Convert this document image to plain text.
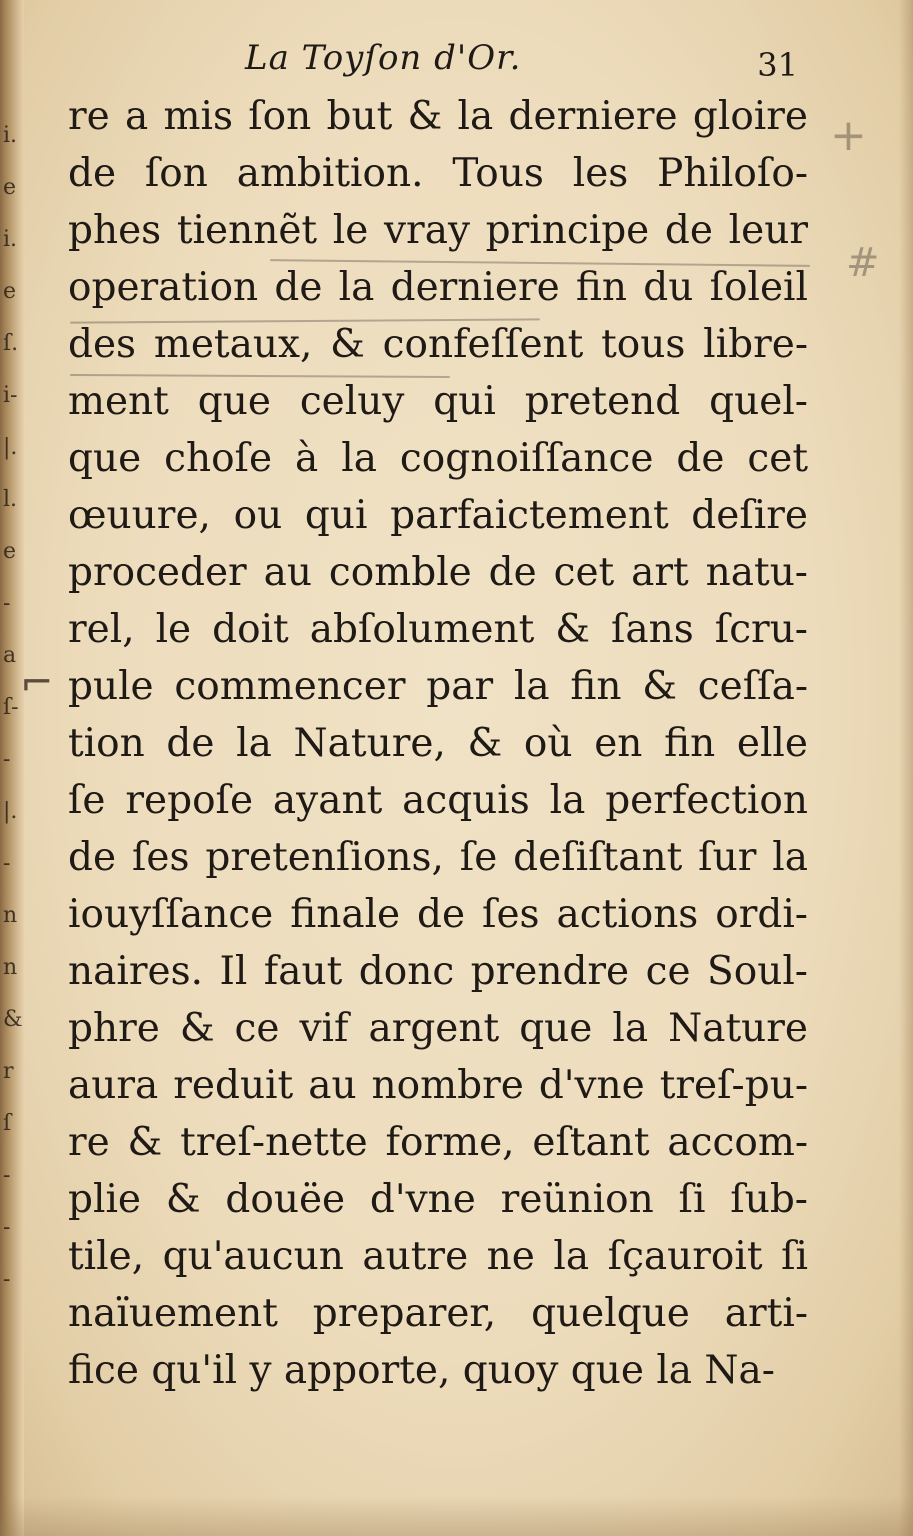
i.
e
i.
e
ſ.
i-
|.
l.
e
-
a
ſ-
-
|.
-
n
n
&
r
ſ
-
-
-
La Toyſon d'Or.	31
re a mis ſon but & la derniere gloire
de ſon ambition. Tous les Philoſo-
phes tiennẽt le vray principe de leur
operation de la derniere fin du ſoleil
des metaux, & confeſſent tous libre-
ment que celuy qui pretend quel-
que choſe à la cognoiſſance de cet
œuure, ou qui parfaictement deſire
proceder au comble de cet art natu-
rel, le doit abſolument & ſans ſcru-
pule commencer par la fin & ceſſa-
tion de la Nature, & où en fin elle
ſe repoſe ayant acquis la perfection
de ſes pretenſions, ſe deſiſtant ſur la
iouyſſance finale de ſes actions ordi-
naires. Il faut donc prendre ce Soul-
phre & ce vif argent que la Nature
aura reduit au nombre d'vne treſ-pu-
re & treſ-nette forme, eſtant accom-
plie & douëe d'vne reünion ſi ſub-
tile, qu'aucun autre ne la ſçauroit ſi
naïuement preparer, quelque arti-
fice qu'il y apporte, quoy que la Na-
+
#
⌐
